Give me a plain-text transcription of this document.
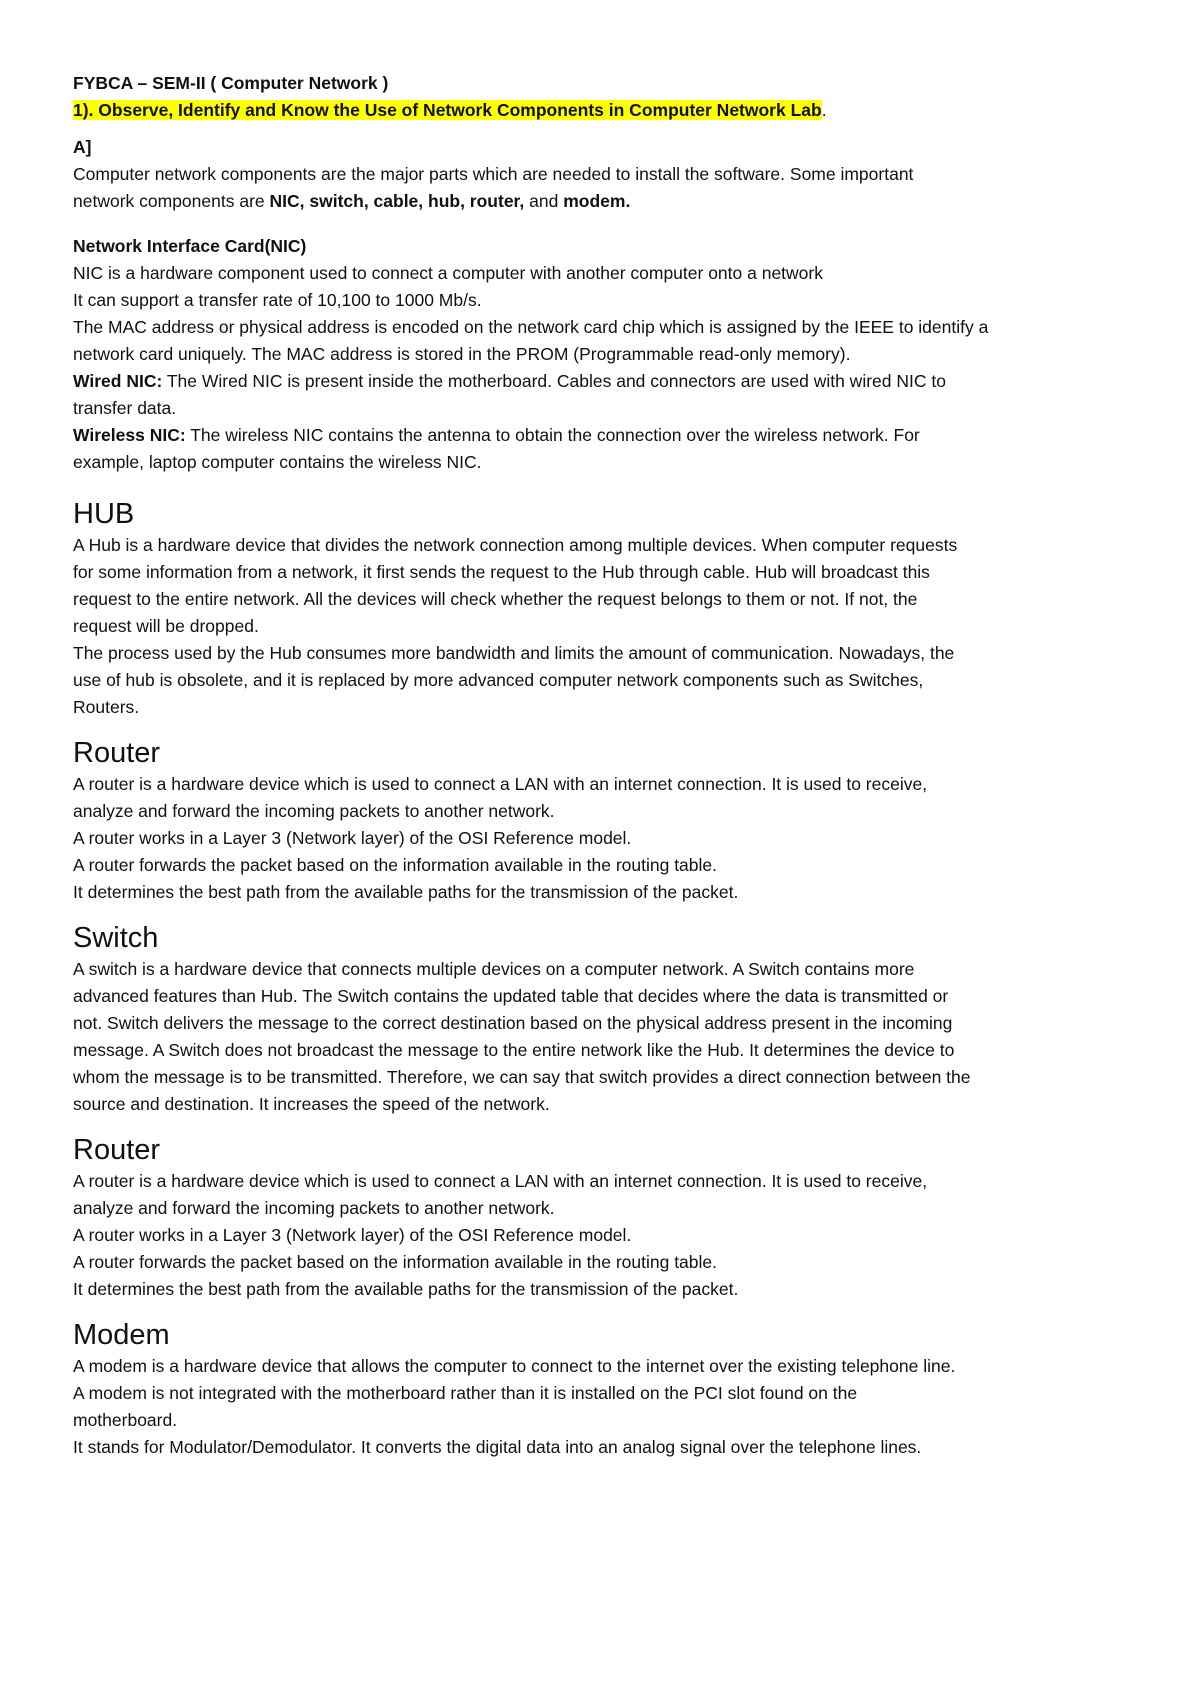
FYBCA – SEM-II ( Computer Network )
1). Observe, Identify and Know the Use of Network Components in Computer Network Lab.
A]
Computer network components are the major parts which are needed to install the software. Some important
network components are NIC, switch, cable, hub, router, and modem.
Network Interface Card(NIC)
NIC is a hardware component used to connect a computer with another computer onto a network
It can support a transfer rate of 10,100 to 1000 Mb/s.
The MAC address or physical address is encoded on the network card chip which is assigned by the IEEE to identify a
network card uniquely. The MAC address is stored in the PROM (Programmable read-only memory).
Wired NIC: The Wired NIC is present inside the motherboard. Cables and connectors are used with wired NIC to
transfer data.
Wireless NIC: The wireless NIC contains the antenna to obtain the connection over the wireless network. For
example, laptop computer contains the wireless NIC.
HUB
A Hub is a hardware device that divides the network connection among multiple devices. When computer requests
for some information from a network, it first sends the request to the Hub through cable. Hub will broadcast this
request to the entire network. All the devices will check whether the request belongs to them or not. If not, the
request will be dropped.
The process used by the Hub consumes more bandwidth and limits the amount of communication. Nowadays, the
use of hub is obsolete, and it is replaced by more advanced computer network components such as Switches,
Routers.
Router
A router is a hardware device which is used to connect a LAN with an internet connection. It is used to receive,
analyze and forward the incoming packets to another network.
A router works in a Layer 3 (Network layer) of the OSI Reference model.
A router forwards the packet based on the information available in the routing table.
It determines the best path from the available paths for the transmission of the packet.
Switch
A switch is a hardware device that connects multiple devices on a computer network. A Switch contains more
advanced features than Hub. The Switch contains the updated table that decides where the data is transmitted or
not. Switch delivers the message to the correct destination based on the physical address present in the incoming
message. A Switch does not broadcast the message to the entire network like the Hub. It determines the device to
whom the message is to be transmitted. Therefore, we can say that switch provides a direct connection between the
source and destination. It increases the speed of the network.
Router
A router is a hardware device which is used to connect a LAN with an internet connection. It is used to receive,
analyze and forward the incoming packets to another network.
A router works in a Layer 3 (Network layer) of the OSI Reference model.
A router forwards the packet based on the information available in the routing table.
It determines the best path from the available paths for the transmission of the packet.
Modem
A modem is a hardware device that allows the computer to connect to the internet over the existing telephone line.
A modem is not integrated with the motherboard rather than it is installed on the PCI slot found on the
motherboard.
It stands for Modulator/Demodulator. It converts the digital data into an analog signal over the telephone lines.
